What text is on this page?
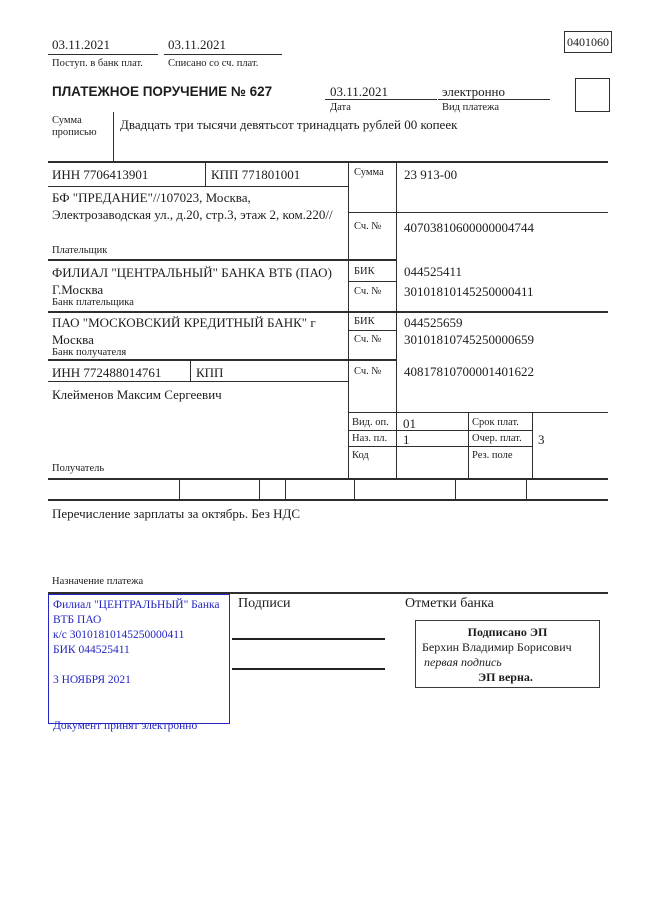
03.11.2021
Поступ. в банк плат.
03.11.2021
Списано со сч. плат.
0401060
ПЛАТЕЖНОЕ ПОРУЧЕНИЕ № 627	03.11.2021
Дата
электронно
Вид платежа
Сумма прописью
Двадцать три тысячи девятьсот тринадцать рублей 00 копеек
ИНН 7706413901	КПП 771801001	Сумма 23 913-00
БФ "ПРЕДАНИЕ"//107023, Москва, Электрозаводская ул., д.20, стр.3, этаж 2, ком.220//
Сч. № 40703810600000004744
Плательщик
ФИЛИАЛ "ЦЕНТРАЛЬНЫЙ" БАНКА ВТБ (ПАО) Г.Москва
БИК 044525411
Сч. № 30101810145250000411
Банк плательщика
ПАО "МОСКОВСКИЙ КРЕДИТНЫЙ БАНК" г Москва
БИК 044525659
Сч. № 30101810745250000659
Банк получателя
ИНН 772488014761	КПП	Сч. № 40817810700001401622
Клейменов Максим Сергеевич
Получатель
Вид. оп. 01	Срок плат.
Наз. пл. 1	Очер. плат. 3
Код	Рез. поле
Перечисление зарплаты за октябрь. Без НДС
Назначение платежа
Филиал "ЦЕНТРАЛЬНЫЙ" Банка
ВТБ ПАО
к/с 30101810145250000411
БИК 044525411
3 НОЯБРЯ 2021
Документ принят электронно
Подписи	Отметки банка
Подписано ЭП
Берхин Владимир Борисович
первая подпись
ЭП верна.
